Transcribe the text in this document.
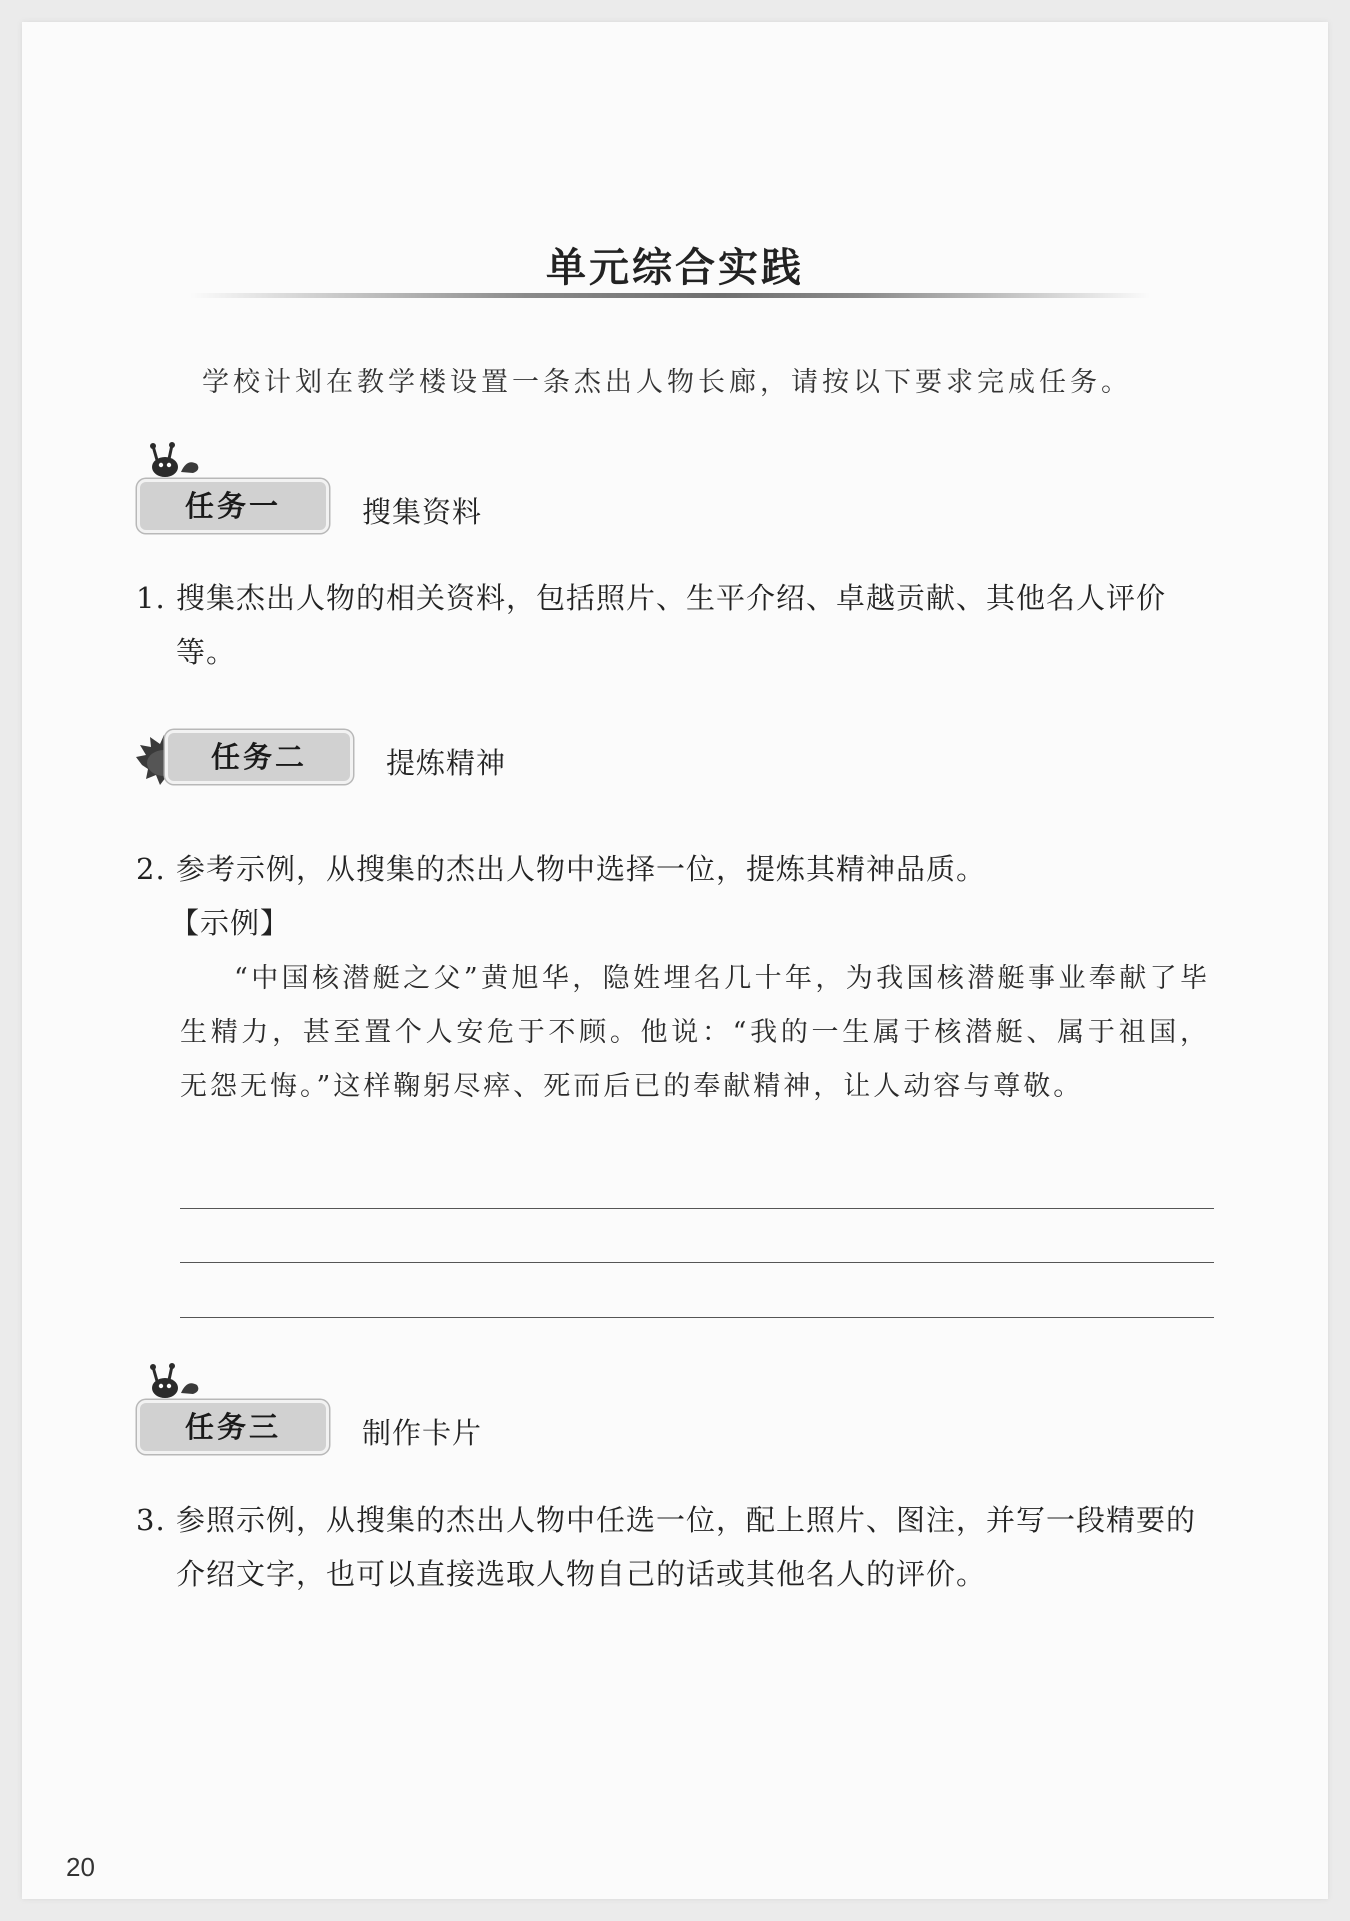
单元综合实践
学校计划在教学楼设置一条杰出人物长廊，请按以下要求完成任务。
任务一	搜集资料
1. 搜集杰出人物的相关资料，包括照片、生平介绍、卓越贡献、其他名人评价等。
任务二	提炼精神
2. 参考示例，从搜集的杰出人物中选择一位，提炼其精神品质。
【示例】
“中国核潜艇之父”黄旭华，隐姓埋名几十年，为我国核潜艇事业奉献了毕生精力，甚至置个人安危于不顾。他说：“我的一生属于核潜艇、属于祖国，无怨无悔。”这样鞠躬尽瘁、死而后已的奉献精神，让人动容与尊敬。
任务三	制作卡片
3. 参照示例，从搜集的杰出人物中任选一位，配上照片、图注，并写一段精要的介绍文字，也可以直接选取人物自己的话或其他名人的评价。
20
